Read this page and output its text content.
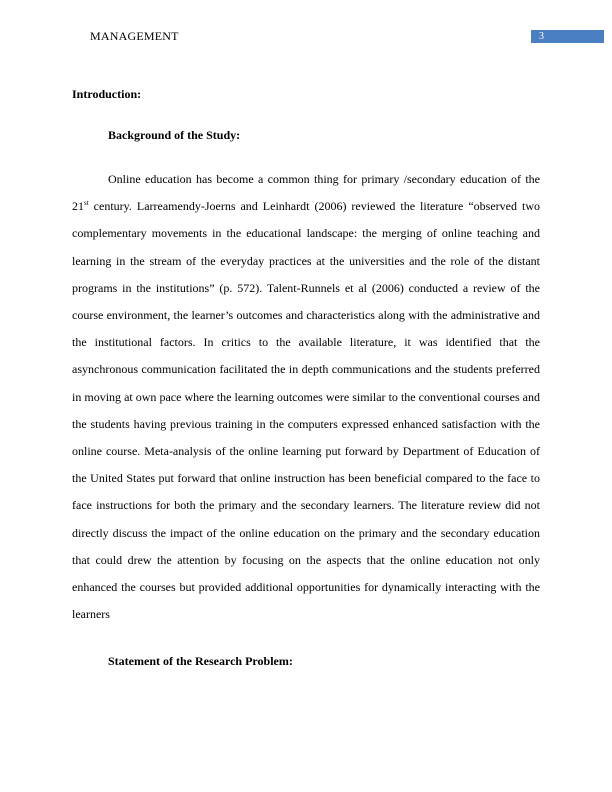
MANAGEMENT	3
Introduction:
Background of the Study:

Online education has become a common thing for primary /secondary education of the 21st century. Larreamendy-Joerns and Leinhardt (2006) reviewed the literature “observed two complementary movements in the educational landscape: the merging of online teaching and learning in the stream of the everyday practices at the universities and the role of the distant programs in the institutions” (p. 572). Talent-Runnels et al (2006) conducted a review of the course environment, the learner’s outcomes and characteristics along with the administrative and the institutional factors. In critics to the available literature, it was identified that the asynchronous communication facilitated the in depth communications and the students preferred in moving at own pace where the learning outcomes were similar to the conventional courses and the students having previous training in the computers expressed enhanced satisfaction with the online course. Meta-analysis of the online learning put forward by Department of Education of the United States put forward that online instruction has been beneficial compared to the face to face instructions for both the primary and the secondary learners. The literature review did not directly discuss the impact of the online education on the primary and the secondary education that could drew the attention by focusing on the aspects that the online education not only enhanced the courses but provided additional opportunities for dynamically interacting with the learners

Statement of the Research Problem:
